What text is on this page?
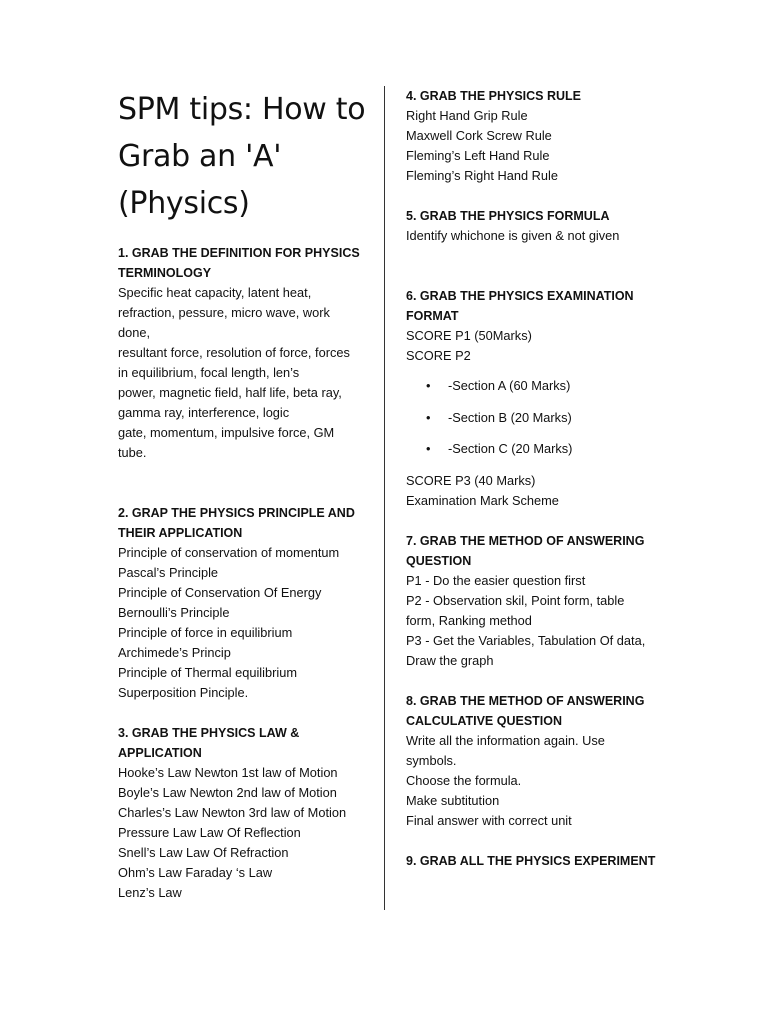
SPM tips: How to Grab an 'A' (Physics)

1. GRAB THE DEFINITION FOR PHYSICS TERMINOLOGY

Specific heat capacity, latent heat,

refraction, pessure, micro wave, work

done,

resultant force, resolution of force, forces

in equilibrium, focal length, len’s

power, magnetic field, half life, beta ray,

gamma ray, interference, logic

gate, momentum, impulsive force, GM

tube.

2. GRAP THE PHYSICS PRINCIPLE AND THEIR APPLICATION

Principle of conservation of momentum

Pascal’s Principle

Principle of Conservation Of Energy

Bernoulli’s Principle

Principle of force in equilibrium

Archimede’s Princip

Principle of Thermal equilibrium

Superposition Pinciple.

3. GRAB THE PHYSICS LAW & APPLICATION

Hooke’s Law Newton 1st law of Motion

Boyle’s Law Newton 2nd law of Motion

Charles’s Law Newton 3rd law of Motion

Pressure Law Law Of Reflection

Snell’s Law Law Of Refraction

Ohm’s Law Faraday ‘s Law

Lenz’s Law

4. GRAB THE PHYSICS RULE

Right Hand Grip Rule

Maxwell Cork Screw Rule

Fleming’s Left Hand Rule

Fleming’s Right Hand Rule

5. GRAB THE PHYSICS FORMULA

Identify whichone is given & not given

6. GRAB THE PHYSICS EXAMINATION FORMAT

SCORE P1 (50Marks)

SCORE P2

• -Section A (60 Marks)
• -Section B (20 Marks)
• -Section C (20 Marks)

SCORE P3 (40 Marks)

Examination Mark Scheme

7. GRAB THE METHOD OF ANSWERING QUESTION

P1 - Do the easier question first

P2 - Observation skil, Point form, table

form, Ranking method

P3 - Get the Variables, Tabulation Of data,

Draw the graph

8. GRAB THE METHOD OF ANSWERING CALCULATIVE QUESTION

Write all the information again. Use

symbols.

Choose the formula.

Make subtitution

Final answer with correct unit

9. GRAB ALL THE PHYSICS EXPERIMENT
